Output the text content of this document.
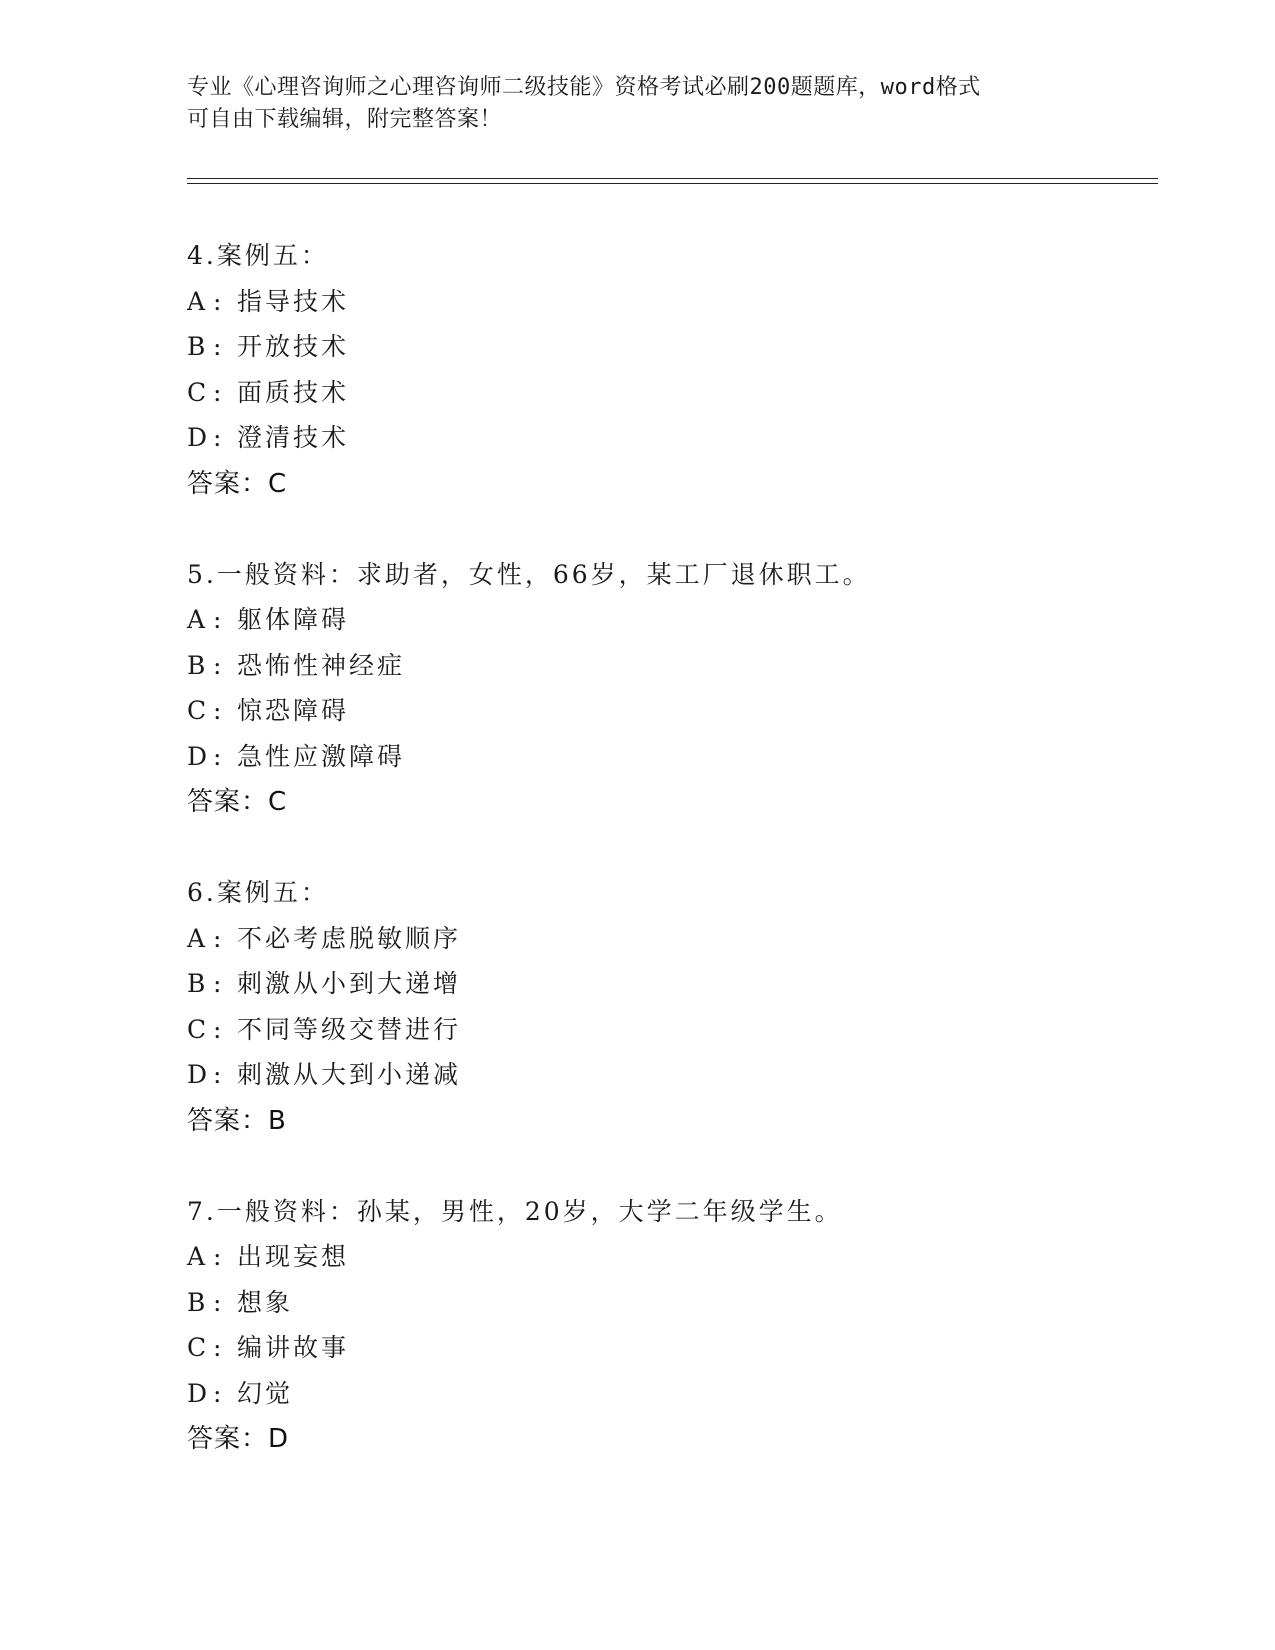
专业《心理咨询师之心理咨询师二级技能》资格考试必刷200题题库，word格式
可自由下载编辑，附完整答案！
4.案例五：
A : 指导技术
B : 开放技术
C : 面质技术
D : 澄清技术
答案：C
5.一般资料：求助者，女性，66岁，某工厂退休职工。
A : 躯体障碍
B : 恐怖性神经症
C : 惊恐障碍
D : 急性应激障碍
答案：C
6.案例五：
A : 不必考虑脱敏顺序
B : 刺激从小到大递增
C : 不同等级交替进行
D : 刺激从大到小递减
答案：B
7.一般资料：孙某，男性，20岁，大学二年级学生。
A : 出现妄想
B : 想象
C : 编讲故事
D : 幻觉
答案：D
